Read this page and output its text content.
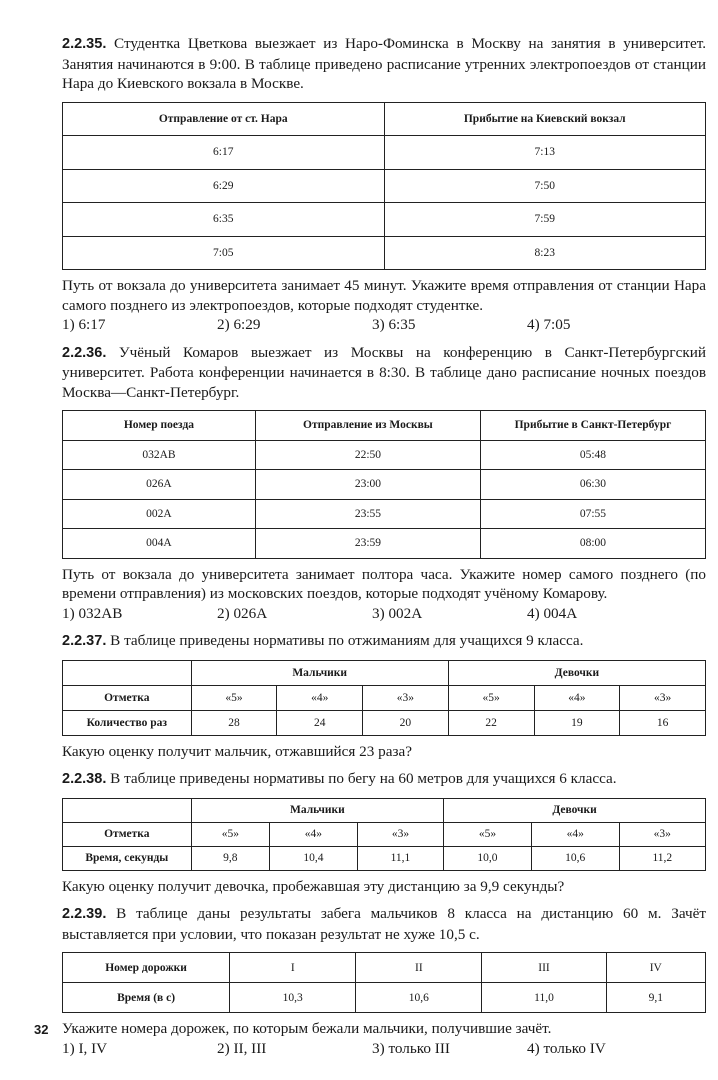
2.2.35. Студентка Цветкова выезжает из Наро-Фоминска в Москву на занятия в университет. Занятия начинаются в 9:00. В таблице приведено расписание утренних электропоездов от станции Нара до Киевского вокзала в Москве.

Отправление от ст. Нара	Прибытие на Киевский вокзал
6:17	7:13
6:29	7:50
6:35	7:59
7:05	8:23

Путь от вокзала до университета занимает 45 минут. Укажите время отправления от станции Нара самого позднего из электропоездов, которые подходят студентке.

1) 6:17	2) 6:29	3) 6:35	4) 7:05

2.2.36. Учёный Комаров выезжает из Москвы на конференцию в Санкт-Петербургский университет. Работа конференции начинается в 8:30. В таблице дано расписание ночных поездов Москва—Санкт-Петербург.

Номер поезда	Отправление из Москвы	Прибытие в Санкт-Петербург
032АВ	22:50	05:48
026А	23:00	06:30
002А	23:55	07:55
004А	23:59	08:00

Путь от вокзала до университета занимает полтора часа. Укажите номер самого позднего (по времени отправления) из московских поездов, которые подходят учёному Комарову.

1) 032АВ	2) 026А	3) 002А	4) 004А

2.2.37. В таблице приведены нормативы по отжиманиям для учащихся 9 класса.

	Мальчики			Девочки		
Отметка	«5»	«4»	«3»	«5»	«4»	«3»
Количество раз	28	24	20	22	19	16

Какую оценку получит мальчик, отжавшийся 23 раза?

2.2.38. В таблице приведены нормативы по бегу на 60 метров для учащихся 6 класса.

	Мальчики			Девочки		
Отметка	«5»	«4»	«3»	«5»	«4»	«3»
Время, секунды	9,8	10,4	11,1	10,0	10,6	11,2

Какую оценку получит девочка, пробежавшая эту дистанцию за 9,9 секунды?

2.2.39. В таблице даны результаты забега мальчиков 8 класса на дистанцию 60 м. Зачёт выставляется при условии, что показан результат не хуже 10,5 с.

Номер дорожки	I	II	III	IV
Время (в с)	10,3	10,6	11,0	9,1

Укажите номера дорожек, по которым бежали мальчики, получившие зачёт.

1) I, IV	2) II, III	3) только III	4) только IV
32
